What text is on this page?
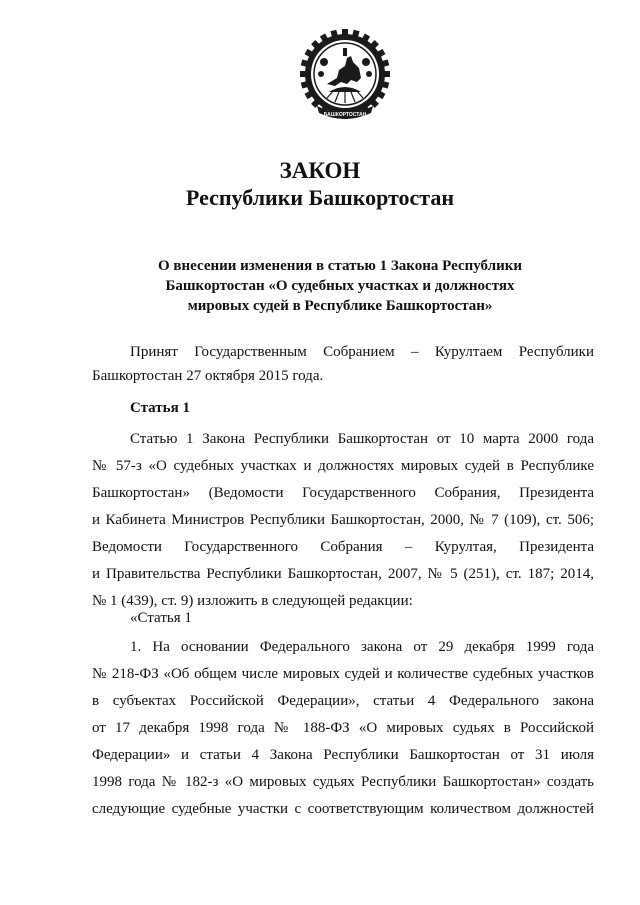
БАШКОРТОСТАН
ЗАКОН
Республики Башкортостан
О внесении изменения в статью 1 Закона Республики
Башкортостан «О судебных участках и должностях
мировых судей в Республике Башкортостан»
Принят Государственным Собранием – Курултаем Республики
Башкортостан 27 октября 2015 года.
Статья 1
Статью 1 Закона Республики Башкортостан от 10 марта 2000 года
№ 57-з «О судебных участках и должностях мировых судей в Республике
Башкортостан» (Ведомости Государственного Собрания, Президента
и Кабинета Министров Республики Башкортостан, 2000, № 7 (109), ст. 506;
Ведомости Государственного Собрания – Курултая, Президента
и Правительства Республики Башкортостан, 2007, № 5 (251), ст. 187; 2014,
№ 1 (439), ст. 9) изложить в следующей редакции:
«Статья 1
1. На основании Федерального закона от 29 декабря 1999 года
№ 218-ФЗ «Об общем числе мировых судей и количестве судебных участков
в субъектах Российской Федерации», статьи 4 Федерального закона
от 17 декабря 1998 года № 188-ФЗ «О мировых судьях в Российской
Федерации» и статьи 4 Закона Республики Башкортостан от 31 июля
1998 года № 182-з «О мировых судьях Республики Башкортостан» создать
следующие судебные участки с соответствующим количеством должностей
